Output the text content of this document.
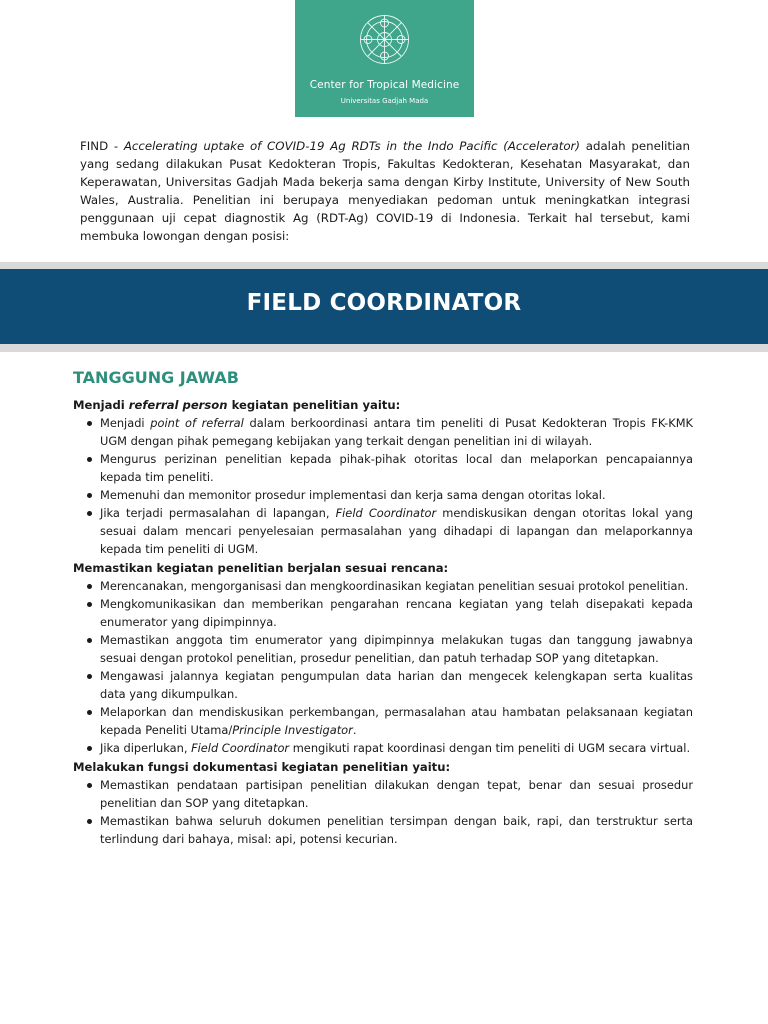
Center for Tropical Medicine
Universitas Gadjah Mada

FIND - Accelerating uptake of COVID-19 Ag RDTs in the Indo Pacific (Accelerator) adalah penelitian yang sedang dilakukan Pusat Kedokteran Tropis, Fakultas Kedokteran, Kesehatan Masyarakat, dan Keperawatan, Universitas Gadjah Mada bekerja sama dengan Kirby Institute, University of New South Wales, Australia. Penelitian ini berupaya menyediakan pedoman untuk meningkatkan integrasi penggunaan uji cepat diagnostik Ag (RDT-Ag) COVID-19 di Indonesia. Terkait hal tersebut, kami membuka lowongan dengan posisi:

FIELD COORDINATOR
TANGGUNG JAWAB

Menjadi referral person kegiatan penelitian yaitu:

Menjadi point of referral dalam berkoordinasi antara tim peneliti di Pusat Kedokteran Tropis FK-KMK UGM dengan pihak pemegang kebijakan yang terkait dengan penelitian ini di wilayah.
Mengurus perizinan penelitian kepada pihak-pihak otoritas local dan melaporkan pencapaiannya kepada tim peneliti.
Memenuhi dan memonitor prosedur implementasi dan kerja sama dengan otoritas lokal.
Jika terjadi permasalahan di lapangan, Field Coordinator mendiskusikan dengan otoritas lokal yang sesuai dalam mencari penyelesaian permasalahan yang dihadapi di lapangan dan melaporkannya kepada tim peneliti di UGM.

Memastikan kegiatan penelitian berjalan sesuai rencana:

Merencanakan, mengorganisasi dan mengkoordinasikan kegiatan penelitian sesuai protokol penelitian.
Mengkomunikasikan dan memberikan pengarahan rencana kegiatan yang telah disepakati kepada enumerator yang dipimpinnya.
Memastikan anggota tim enumerator yang dipimpinnya melakukan tugas dan tanggung jawabnya sesuai dengan protokol penelitian, prosedur penelitian, dan patuh terhadap SOP yang ditetapkan.
Mengawasi jalannya kegiatan pengumpulan data harian dan mengecek kelengkapan serta kualitas data yang dikumpulkan.
Melaporkan dan mendiskusikan perkembangan, permasalahan atau hambatan pelaksanaan kegiatan kepada Peneliti Utama/Principle Investigator.
Jika diperlukan, Field Coordinator mengikuti rapat koordinasi dengan tim peneliti di UGM secara virtual.

Melakukan fungsi dokumentasi kegiatan penelitian yaitu:

Memastikan pendataan partisipan penelitian dilakukan dengan tepat, benar dan sesuai prosedur penelitian dan SOP yang ditetapkan.
Memastikan bahwa seluruh dokumen penelitian tersimpan dengan baik, rapi, dan terstruktur serta terlindung dari bahaya, misal: api, potensi kecurian.
